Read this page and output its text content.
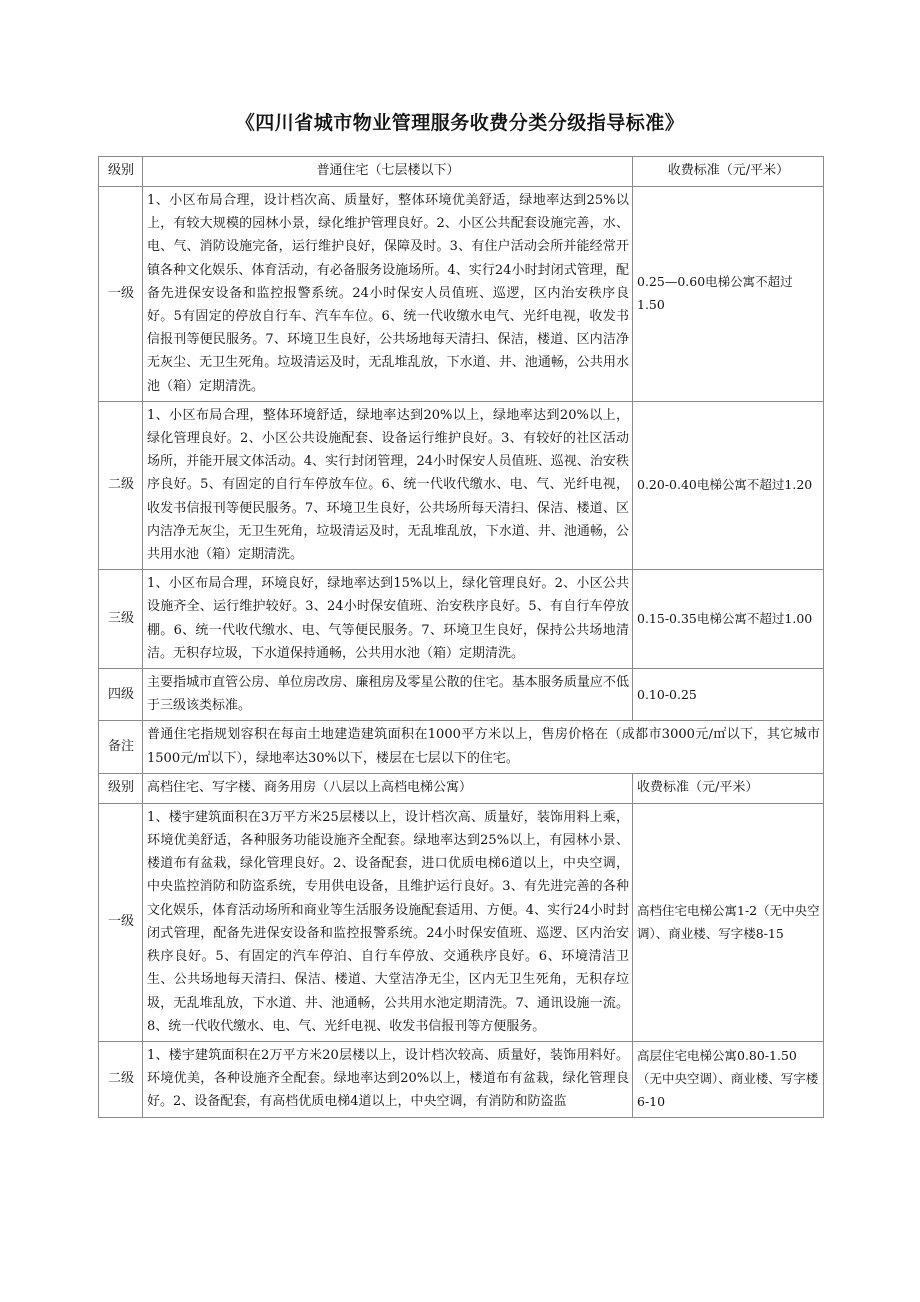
《四川省城市物业管理服务收费分类分级指导标准》
级别	普通住宅（七层楼以下）	收费标准（元/平米）
一级	1、小区布局合理，设计档次高、质量好，整体环境优美舒适，绿地率达到25%以上，有较大规模的园林小景，绿化维护管理良好。2、小区公共配套设施完善，水、电、气、消防设施完备，运行维护良好，保障及时。3、有住户活动会所并能经常开镇各种文化娱乐、体育活动，有必备服务设施场所。4、实行24小时封闭式管理，配备先进保安设备和监控报警系统。24小时保安人员值班、巡逻，区内治安秩序良好。5有固定的停放自行车、汽车车位。6、统一代收缴水电气、光纤电视，收发书信报刊等便民服务。7、环境卫生良好，公共场地每天清扫、保洁，楼道、区内洁净无灰尘、无卫生死角。垃圾清运及时，无乱堆乱放，下水道、井、池通畅，公共用水池（箱）定期清洗。	0.25—0.60电梯公寓不超过1.50
二级	1、小区布局合理，整体环境舒适，绿地率达到20%以上，绿地率达到20%以上，绿化管理良好。2、小区公共设施配套、设备运行维护良好。3、有较好的社区活动场所，并能开展文体活动。4、实行封闭管理，24小时保安人员值班、巡视、治安秩序良好。5、有固定的自行车停放车位。6、统一代收代缴水、电、气、光纤电视，收发书信报刊等便民服务。7、环境卫生良好，公共场所每天清扫、保洁、楼道、区内洁净无灰尘，无卫生死角，垃圾清运及时，无乱堆乱放，下水道、井、池通畅，公共用水池（箱）定期清洗。	0.20-0.40电梯公寓不超过1.20
三级	1、小区布局合理，环境良好，绿地率达到15%以上，绿化管理良好。2、小区公共设施齐全、运行维护较好。3、24小时保安值班、治安秩序良好。5、有自行车停放棚。6、统一代收代缴水、电、气等便民服务。7、环境卫生良好，保持公共场地清洁。无积存垃圾，下水道保持通畅，公共用水池（箱）定期清洗。	0.15-0.35电梯公寓不超过1.00
四级	主要指城市直管公房、单位房改房、廉租房及零星公散的住宅。基本服务质量应不低于三级该类标准。	0.10-0.25
备注	普通住宅指规划容积在每亩土地建造建筑面积在1000平方米以上，售房价格在（成都市3000元/㎡以下，其它城市1500元/㎡以下），绿地率达30%以下，楼层在七层以下的住宅。	
级别	高档住宅、写字楼、商务用房（八层以上高档电梯公寓）	收费标准（元/平米）
一级	1、楼宇建筑面积在3万平方米25层楼以上，设计档次高、质量好，装饰用料上乘，环境优美舒适，各种服务功能设施齐全配套。绿地率达到25%以上，有园林小景、楼道布有盆栽，绿化管理良好。2、设备配套，进口优质电梯6道以上，中央空调，中央监控消防和防盗系统，专用供电设备，且维护运行良好。3、有先进完善的各种文化娱乐，体育活动场所和商业等生活服务设施配套适用、方便。4、实行24小时封闭式管理，配备先进保安设备和监控报警系统。24小时保安值班、巡逻、区内治安秩序良好。5、有固定的汽车停泊、自行车停放、交通秩序良好。6、环境清洁卫生、公共场地每天清扫、保洁、楼道、大堂洁净无尘，区内无卫生死角，无积存垃圾，无乱堆乱放，下水道、井、池通畅，公共用水池定期清洗。7、通讯设施一流。8、统一代收代缴水、电、气、光纤电视、收发书信报刊等方便服务。	高档住宅电梯公寓1-2（无中央空调）、商业楼、写字楼8-15
二级	1、楼宇建筑面积在2万平方米20层楼以上，设计档次较高、质量好，装饰用料好。环境优美，各种设施齐全配套。绿地率达到20%以上，楼道布有盆栽，绿化管理良好。2、设备配套，有高档优质电梯4道以上，中央空调，有消防和防盗监	高层住宅电梯公寓0.80-1.50（无中央空调）、商业楼、写字楼6-10
